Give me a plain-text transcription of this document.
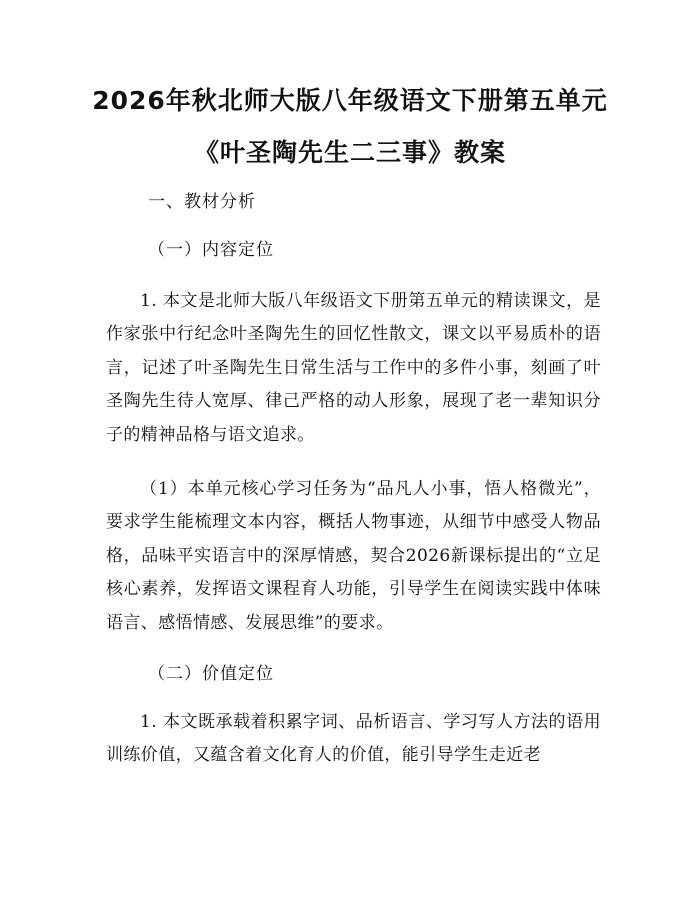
2026年秋北师大版八年级语文下册第五单元
《叶圣陶先生二三事》教案
一、教材分析
（一）内容定位

1. 本文是北师大版八年级语文下册第五单元的精读课文，是作家张中行纪念叶圣陶先生的回忆性散文，课文以平易质朴的语言，记述了叶圣陶先生日常生活与工作中的多件小事，刻画了叶圣陶先生待人宽厚、律己严格的动人形象，展现了老一辈知识分子的精神品格与语文追求。

（1）本单元核心学习任务为“品凡人小事，悟人格微光”，要求学生能梳理文本内容，概括人物事迹，从细节中感受人物品格，品味平实语言中的深厚情感，契合2026新课标提出的“立足核心素养，发挥语文课程育人功能，引导学生在阅读实践中体味语言、感悟情感、发展思维”的要求。

（二）价值定位

1. 本文既承载着积累字词、品析语言、学习写人方法的语用训练价值，又蕴含着文化育人的价值，能引导学生走近老
